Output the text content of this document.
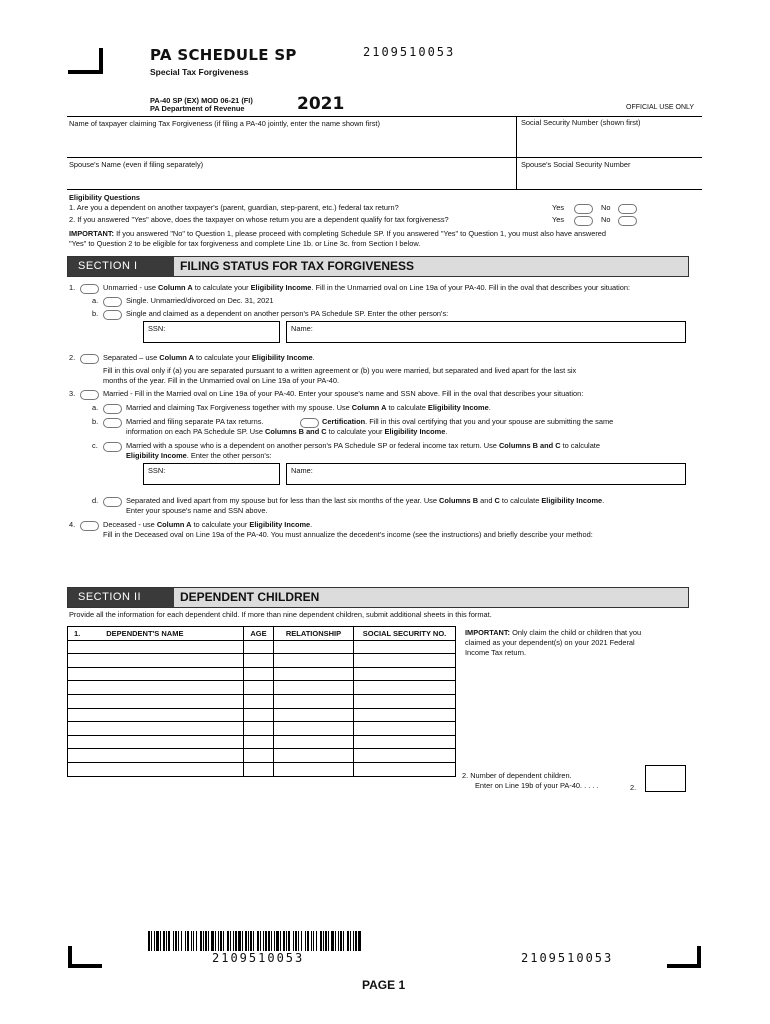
PA SCHEDULE SP	2109510053
Special Tax Forgiveness
PA-40 SP (EX) MOD 06-21 (FI)
PA Department of Revenue	2021	OFFICIAL USE ONLY
Name of taxpayer claiming Tax Forgiveness (if filing a PA-40 jointly, enter the name shown first)	Social Security Number (shown first)
Spouse's Name (even if filing separately)	Spouse's Social Security Number
Eligibility Questions
1. Are you a dependent on another taxpayer's (parent, guardian, step-parent, etc.) federal tax return?
2. If you answered "Yes" above, does the taxpayer on whose return you are a dependent qualify for tax forgiveness?
Yes	No
Yes	No
IMPORTANT: If you answered "No" to Question 1, please proceed with completing Schedule SP. If you answered "Yes" to Question 1, you must also have answered
"Yes" to Question 2 to be eligible for tax forgiveness and complete Line 1b. or Line 3c. from Section I below.
SECTION I	FILING STATUS FOR TAX FORGIVENESS
1.	Unmarried - use Column A to calculate your Eligibility Income. Fill in the Unmarried oval on Line 19a of your PA-40. Fill in the oval that describes your situation:
a.	Single. Unmarried/divorced on Dec. 31, 2021
b.	Single and claimed as a dependent on another person's PA Schedule SP. Enter the other person's:
SSN:	Name:
2.	Separated – use Column A to calculate your Eligibility Income.
Fill in this oval only if (a) you are separated pursuant to a written agreement or (b) you were married, but separated and lived apart for the last six
months of the year. Fill in the Unmarried oval on Line 19a of your PA-40.
3.	Married - Fill in the Married oval on Line 19a of your PA-40. Enter your spouse's name and SSN above. Fill in the oval that describes your situation:
a.	Married and claiming Tax Forgiveness together with my spouse. Use Column A to calculate Eligibility Income.
b.	Married and filing separate PA tax returns.	Certification. Fill in this oval certifying that you and your spouse are submitting the same
information on each PA Schedule SP. Use Columns B and C to calculate your Eligibility Income.
c.	Married with a spouse who is a dependent on another person's PA Schedule SP or federal income tax return. Use Columns B and C to calculate
Eligibility Income. Enter the other person's:
SSN:	Name:
d.	Separated and lived apart from my spouse but for less than the last six months of the year. Use Columns B and C to calculate Eligibility Income.
Enter your spouse's name and SSN above.
4.	Deceased - use Column A to calculate your Eligibility Income.
Fill in the Deceased oval on Line 19a of the PA-40. You must annualize the decedent's income (see the instructions) and briefly describe your method:
SECTION II	DEPENDENT CHILDREN
Provide all the information for each dependent child. If more than nine dependent children, submit additional sheets in this format.
1. DEPENDENT'S NAME	AGE	RELATIONSHIP	SOCIAL SECURITY NO.

				IMPORTANT: Only claim the child or children that you
claimed as your dependent(s) on your 2021 Federal
Income Tax return.
2. Number of dependent children.
Enter on Line 19b of your PA-40. . . . .	2.
2109510053	2109510053
PAGE 1
